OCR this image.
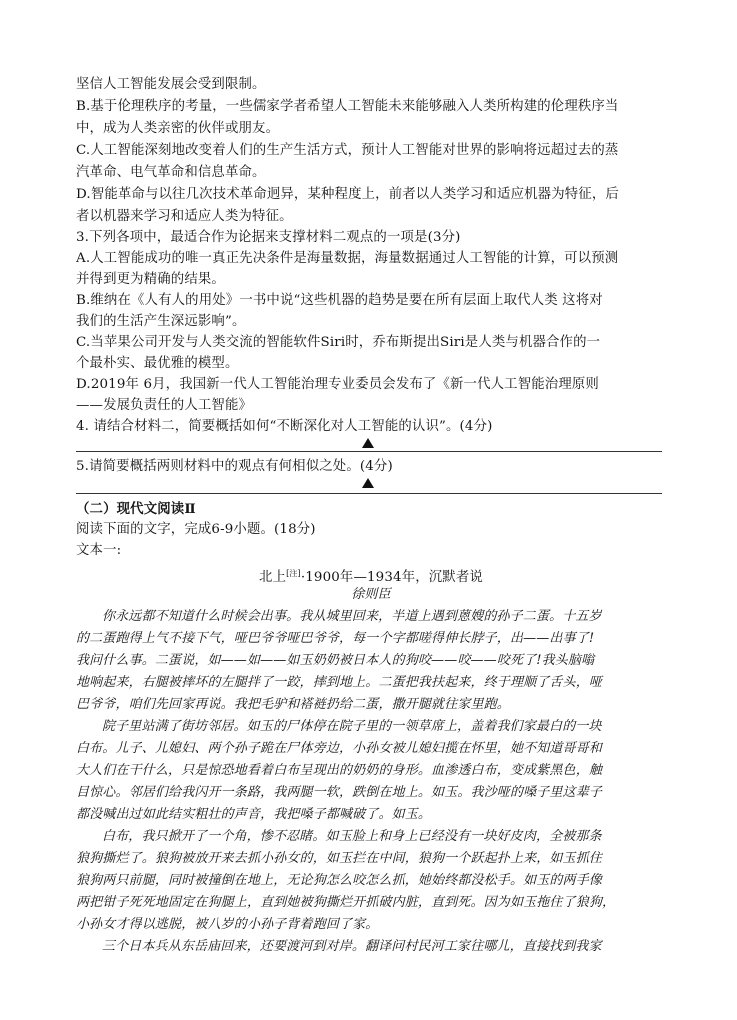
坚信人工智能发展会受到限制。
B.基于伦理秩序的考量，一些儒家学者希望人工智能未来能够融入人类所构建的伦理秩序当
中，成为人类亲密的伙伴或朋友。
C.人工智能深刻地改变着人们的生产生活方式，预计人工智能对世界的影响将远超过去的蒸
汽革命、电气革命和信息革命。
D.智能革命与以往几次技术革命迥异，某种程度上，前者以人类学习和适应机器为特征，后
者以机器来学习和适应人类为特征。
3.下列各项中，最适合作为论据来支撑材料二观点的一项是(3分)
A.人工智能成功的唯一真正先决条件是海量数据，海量数据通过人工智能的计算，可以预测
并得到更为精确的结果。
B.维纳在《人有人的用处》一书中说“这些机器的趋势是要在所有层面上取代人类 这将对
我们的生活产生深远影响”。
C.当苹果公司开发与人类交流的智能软件Siri时，乔布斯提出Siri是人类与机器合作的一
个最朴实、最优雅的模型。
D.2019年 6月，我国新一代人工智能治理专业委员会发布了《新一代人工智能治理原则
——发展负责任的人工智能》
4. 请结合材料二，简要概括如何“不断深化对人工智能的认识”。(4分)
5.请简要概括两则材料中的观点有何相似之处。(4分)
（二）现代文阅读Ⅱ
阅读下面的文字，完成6-9小题。(18分)
文本一:
北上[注]·1900年—1934年，沉默者说
徐则臣
你永远都不知道什么时候会出事。我从城里回来，半道上遇到蒽嫂的孙子二蛋。十五岁
的二蛋跑得上气不接下气，哑巴爷爷哑巴爷爷，每一个字都嗟得伸长脖子，出——出事了!
我问什么事。二蛋说，如——如——如玉奶奶被日本人的狗咬——咬——咬死了!我头脑嗡
地响起来，右腿被摔坏的左腿拌了一跤，摔到地上。二蛋把我扶起来，终于理顺了舌头，哑
巴爷爷，咱们先回家再说。我把毛驴和褡裢扔给二蛋，撒开腿就往家里跑。
院子里站满了街坊邻居。如玉的尸体停在院子里的一领草席上，盖着我们家最白的一块
白布。儿子、儿媳妇、两个孙子跪在尸体旁边，小孙女被儿媳妇揽在怀里，她不知道哥哥和
大人们在干什么，只是惊恐地看着白布呈现出的奶奶的身形。血渗透白布，变成紫黑色，触
目惊心。邻居们给我闪开一条路，我两腿一软，跌倒在地上。如玉。我沙哑的嗓子里这辈子
都没喊出过如此结实粗壮的声音，我把嗓子都喊破了。如玉。
白布，我只掀开了一个角，惨不忍睹。如玉脸上和身上已经没有一块好皮肉，全被那条
狼狗撕烂了。狼狗被放开来去抓小孙女的，如玉拦在中间，狼狗一个跃起扑上来，如玉抓住
狼狗两只前腿，同时被撞倒在地上，无论狗怎么咬怎么抓，她始终都没松手。如玉的两手像
两把钳子死死地固定在狗腿上，直到她被狗撕烂开抓破内脏，直到死。因为如玉拖住了狼狗，
小孙女才得以逃脱，被八岁的小孙子背着跑回了家。
三个日本兵从东岳庙回来，还要渡河到对岸。翻译问村民河工家往哪儿，直接找到我家
